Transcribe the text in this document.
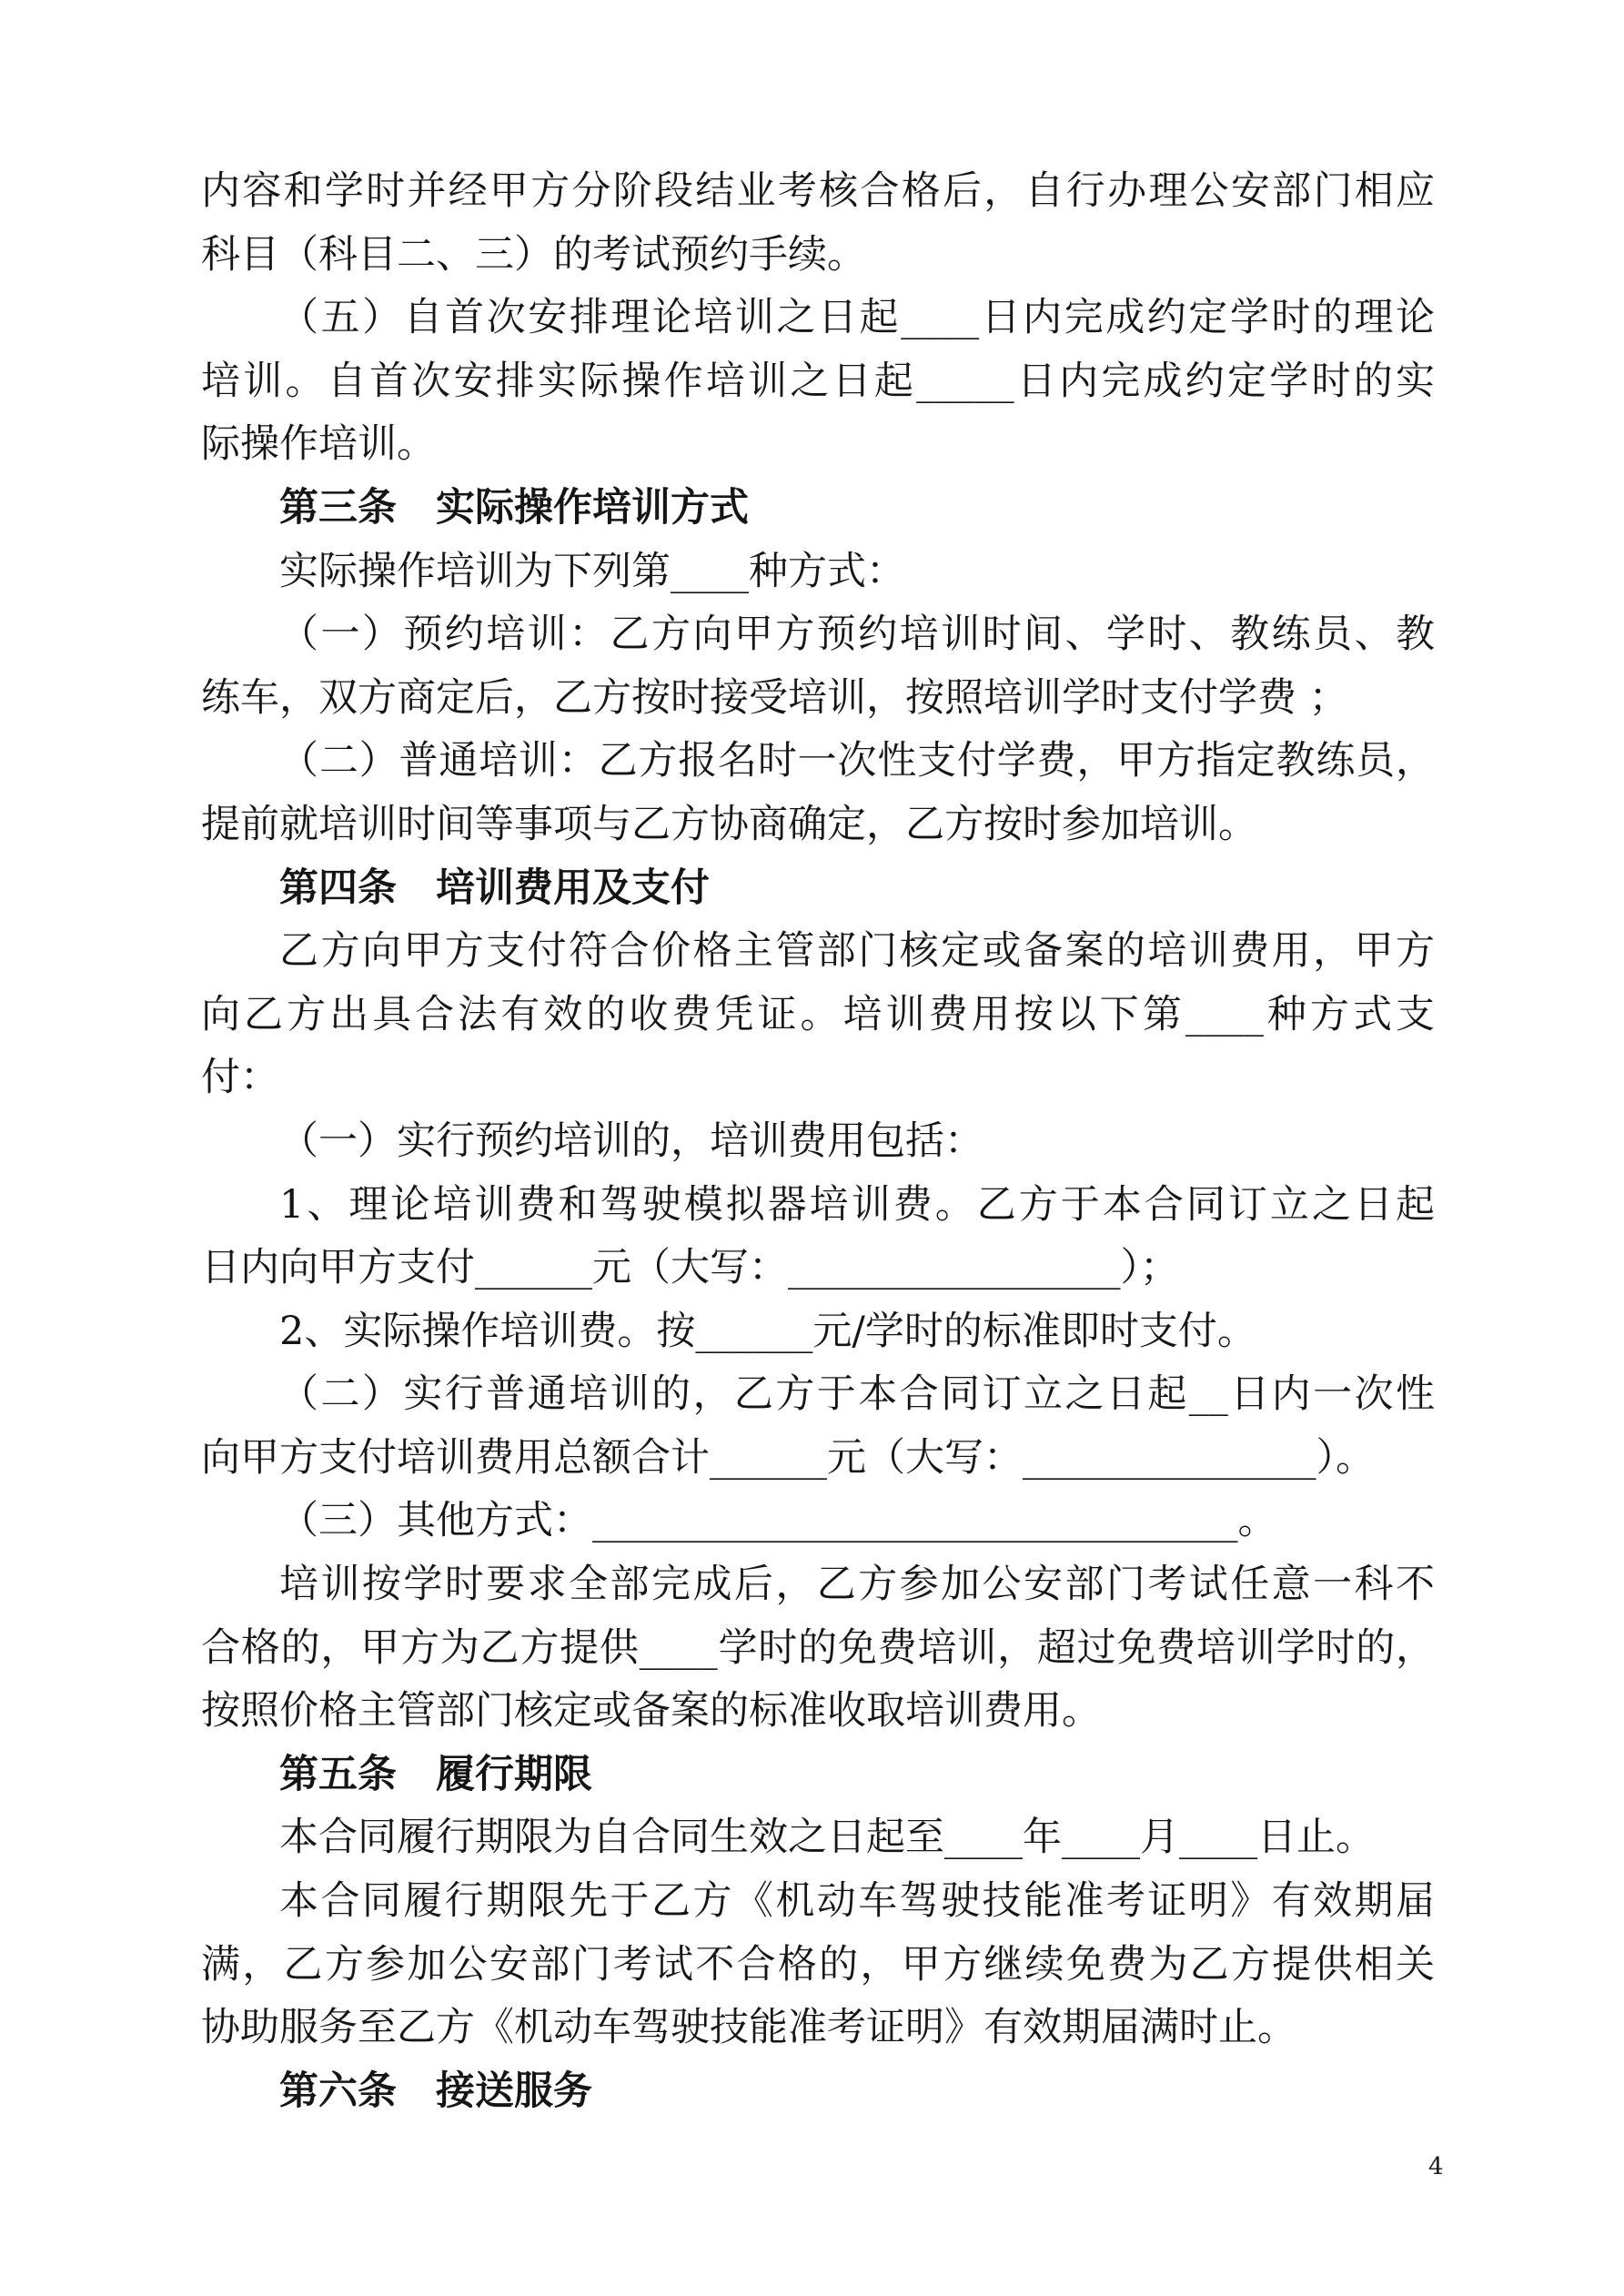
内容和学时并经甲方分阶段结业考核合格后，自行办理公安部门相应
科目（科目二、三）的考试预约手续。
（五）自首次安排理论培训之日起____日内完成约定学时的理论
培训。自首次安排实际操作培训之日起_____日内完成约定学时的实
际操作培训。
第三条　实际操作培训方式
实际操作培训为下列第____种方式：
（一）预约培训：乙方向甲方预约培训时间、学时、教练员、教
练车，双方商定后，乙方按时接受培训，按照培训学时支付学费 ；
（二）普通培训：乙方报名时一次性支付学费，甲方指定教练员，
提前就培训时间等事项与乙方协商确定，乙方按时参加培训。
第四条　培训费用及支付
乙方向甲方支付符合价格主管部门核定或备案的培训费用，甲方
向乙方出具合法有效的收费凭证。培训费用按以下第____种方式支
付：
（一）实行预约培训的，培训费用包括：
1、理论培训费和驾驶模拟器培训费。乙方于本合同订立之日起
日内向甲方支付______元（大写：_________________）；
2、实际操作培训费。按______元/学时的标准即时支付。
（二）实行普通培训的，乙方于本合同订立之日起__日内一次性
向甲方支付培训费用总额合计______元（大写：_______________）。
（三）其他方式：_________________________________。
培训按学时要求全部完成后，乙方参加公安部门考试任意一科不
合格的，甲方为乙方提供____学时的免费培训，超过免费培训学时的，
按照价格主管部门核定或备案的标准收取培训费用。
第五条　履行期限
本合同履行期限为自合同生效之日起至____年____月____日止。
本合同履行期限先于乙方《机动车驾驶技能准考证明》有效期届
满，乙方参加公安部门考试不合格的，甲方继续免费为乙方提供相关
协助服务至乙方《机动车驾驶技能准考证明》有效期届满时止。
第六条　接送服务
4
